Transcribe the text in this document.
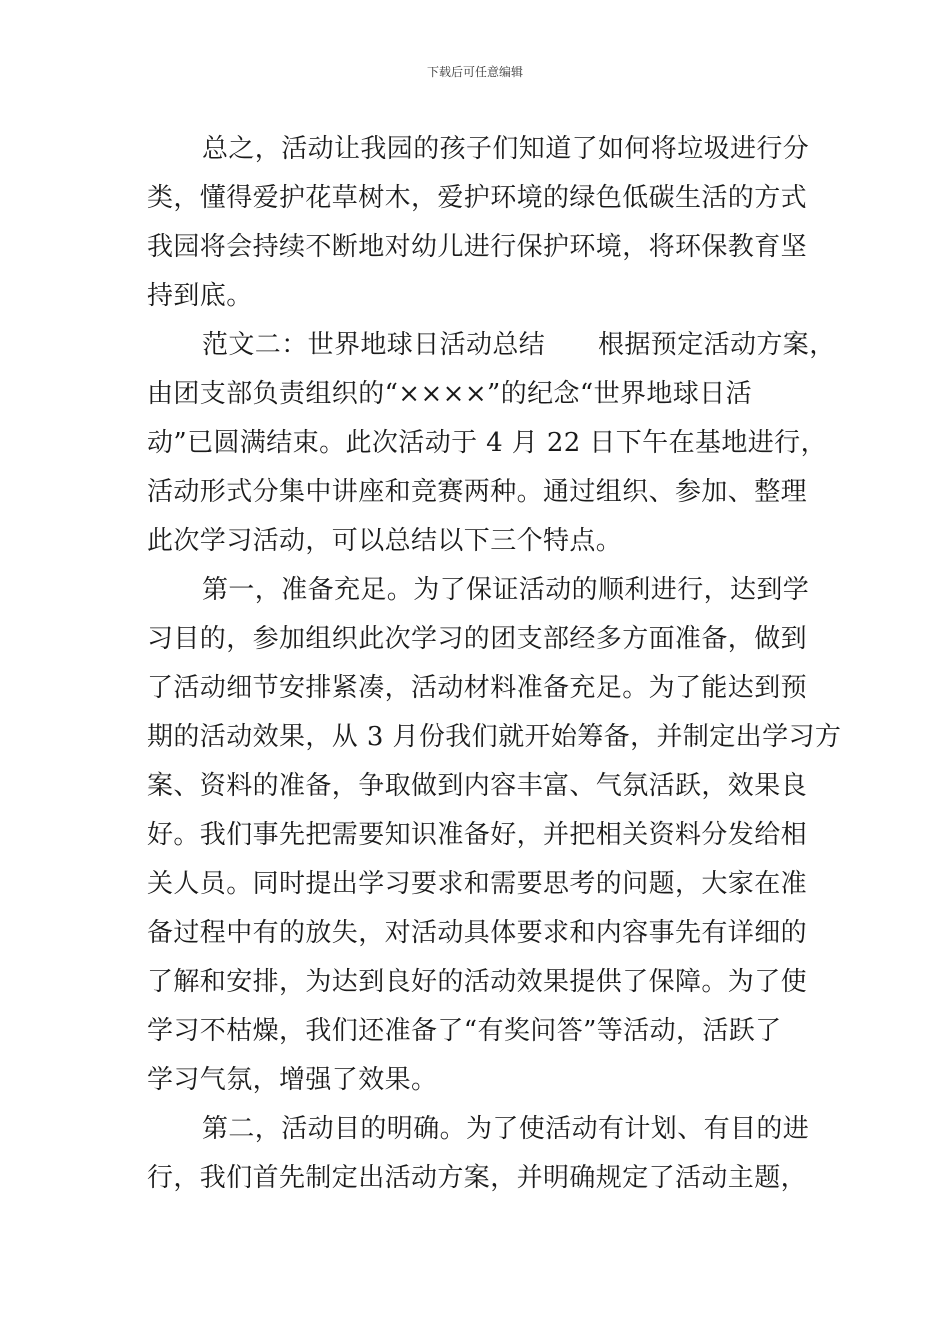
下载后可任意编辑
总之，活动让我园的孩子们知道了如何将垃圾进行分
类，懂得爱护花草树木，爱护环境的绿色低碳生活的方式
我园将会持续不断地对幼儿进行保护环境，将环保教育坚
持到底。
范文二：世界地球日活动总结　　根据预定活动方案，
由团支部负责组织的“××××”的纪念“世界地球日活
动”已圆满结束。此次活动于 4 月 22 日下午在基地进行，
活动形式分集中讲座和竞赛两种。通过组织、参加、整理
此次学习活动，可以总结以下三个特点。
第一，准备充足。为了保证活动的顺利进行，达到学
习目的，参加组织此次学习的团支部经多方面准备，做到
了活动细节安排紧凑，活动材料准备充足。为了能达到预
期的活动效果，从 3 月份我们就开始筹备，并制定出学习方
案、资料的准备，争取做到内容丰富、气氛活跃，效果良
好。我们事先把需要知识准备好，并把相关资料分发给相
关人员。同时提出学习要求和需要思考的问题，大家在准
备过程中有的放失，对活动具体要求和内容事先有详细的
了解和安排，为达到良好的活动效果提供了保障。为了使
学习不枯燥，我们还准备了“有奖问答”等活动，活跃了
学习气氛，增强了效果。
第二，活动目的明确。为了使活动有计划、有目的进
行，我们首先制定出活动方案，并明确规定了活动主题，
